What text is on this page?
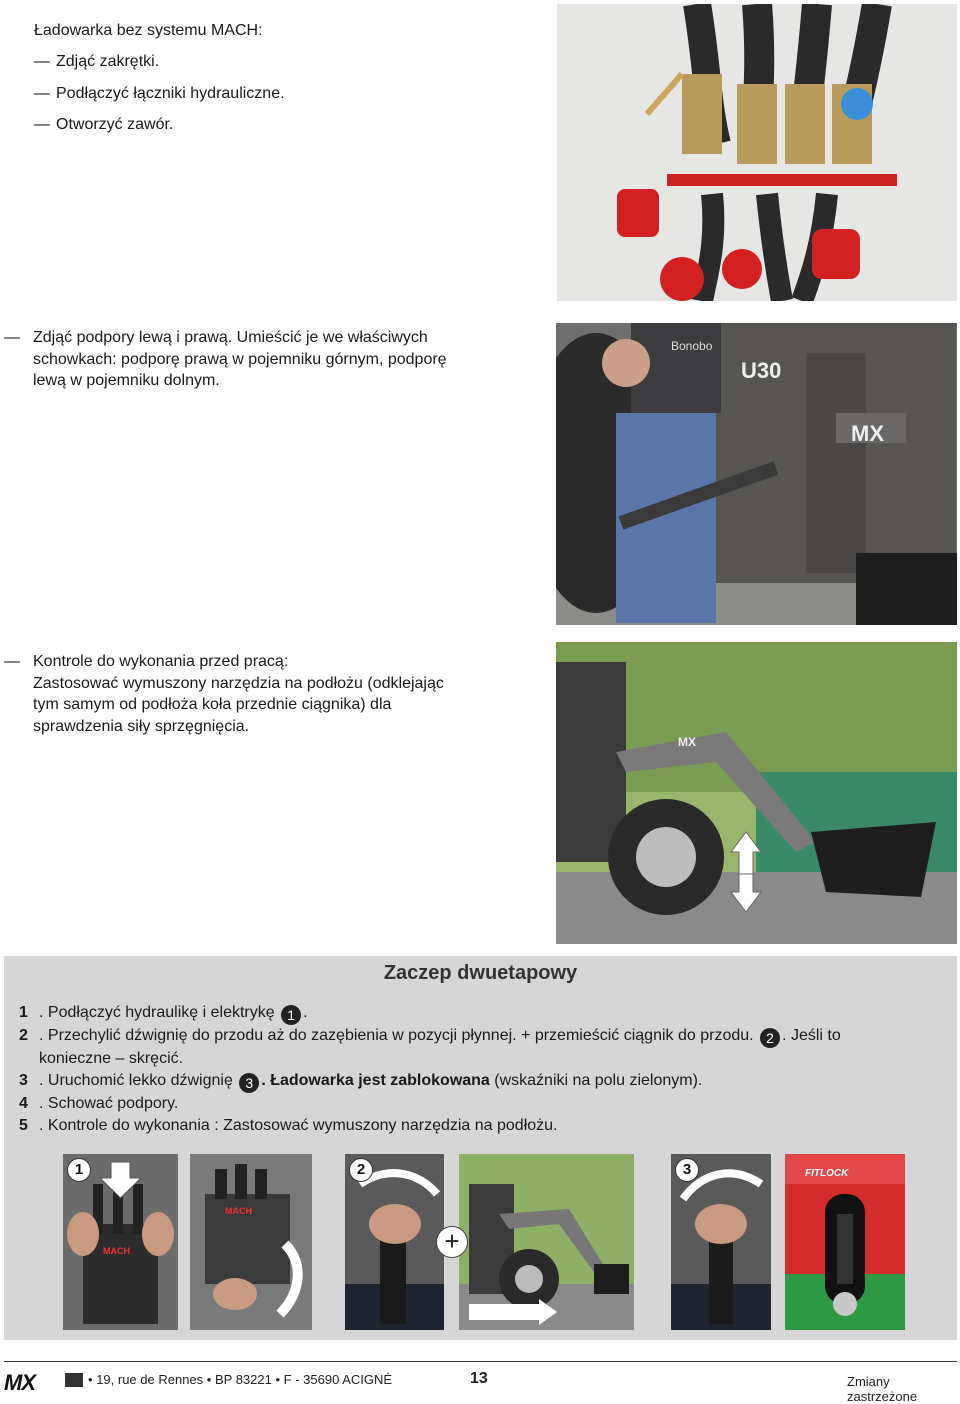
Ładowarka bez systemu MACH:
— Zdjąć zakrętki.
— Podłączyć łączniki hydrauliczne.
— Otworzyć zawór.
— Zdjąć podpory lewą i prawą. Umieścić je we właściwych
schowkach: podporę prawą w pojemniku górnym, podporę
lewą w pojemniku dolnym.
Bonobo
U30
MX
— Kontrole do wykonania przed pracą:
Zastosować wymuszony narzędzia na podłożu (odklejając
tym samym od podłoża koła przednie ciągnika) dla
sprawdzenia siły sprzęgnięcia.
MX
Zaczep dwuetapowy
1 . Podłączyć hydraulikę i elektrykę 1 .
2 . Przechylić dźwignię do przodu aż do zazębienia w pozycji płynnej. + przemieścić ciągnik do przodu. 2 . Jeśli to
konieczne – skręcić.
3 . Uruchomić lekko dźwignię 3 . Ładowarka jest zablokowana (wskaźniki na polu zielonym).
4 . Schować podpory.
5 . Kontrole do wykonania : Zastosować wymuszony narzędzia na podłożu.
MACH
1
MACH
2
+
3	FITLOCK
MX	• 19, rue de Rennes • BP 83221 • F - 35690 ACIGNÉ	13	Zmiany zastrzeżone
